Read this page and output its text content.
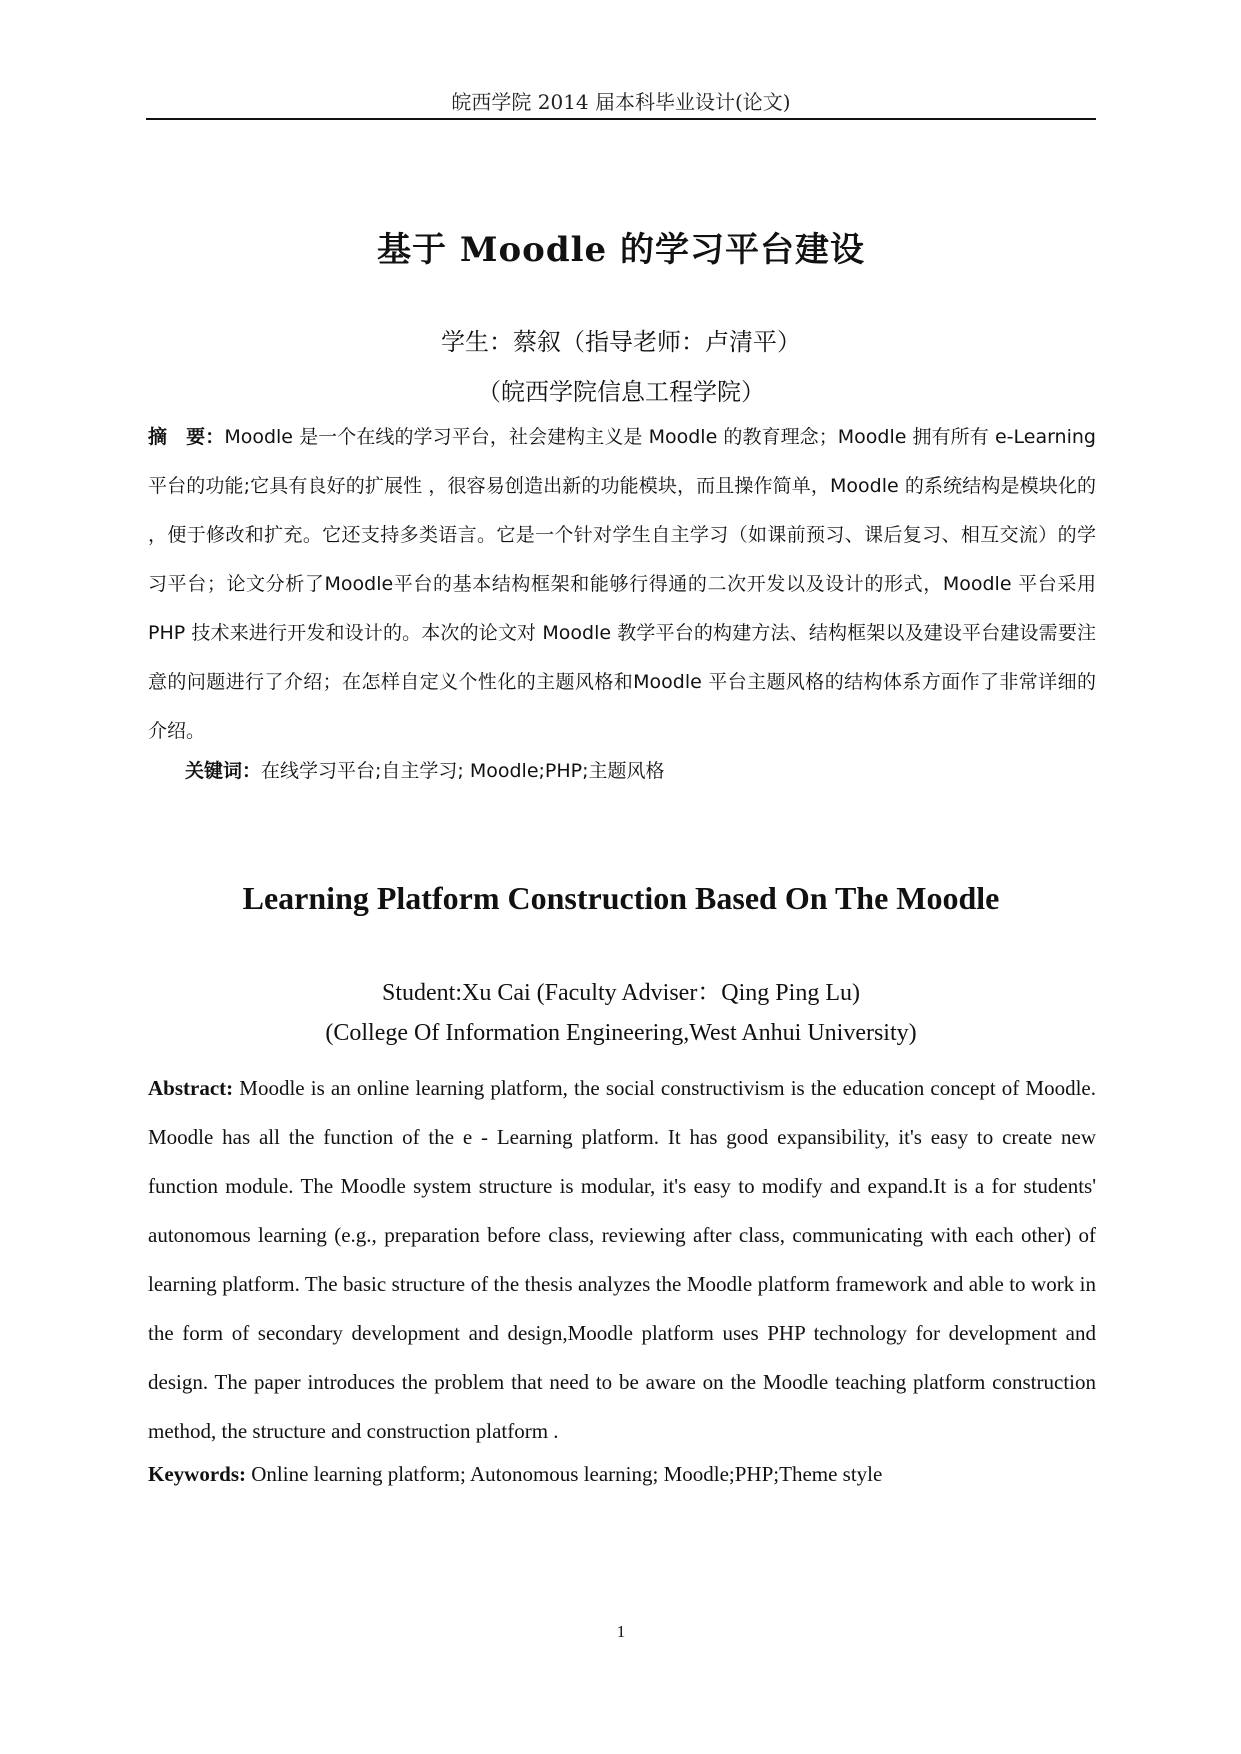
皖西学院 2014 届本科毕业设计(论文)
基于 Moodle 的学习平台建设
学生：蔡叙（指导老师：卢清平）
（皖西学院信息工程学院）

摘　要：Moodle 是一个在线的学习平台，社会建构主义是 Moodle 的教育理念；Moodle 拥有所有 e-Learning 平台的功能;它具有良好的扩展性 ，很容易创造出新的功能模块，而且操作简单，Moodle 的系统结构是模块化的 ，便于修改和扩充。它还支持多类语言。它是一个针对学生自主学习（如课前预习、课后复习、相互交流）的学习平台；论文分析了Moodle平台的基本结构框架和能够行得通的二次开发以及设计的形式，Moodle 平台采用 PHP 技术来进行开发和设计的。本次的论文对 Moodle 教学平台的构建方法、结构框架以及建设平台建设需要注意的问题进行了介绍；在怎样自定义个性化的主题风格和Moodle 平台主题风格的结构体系方面作了非常详细的介绍。

关键词：在线学习平台;自主学习; Moodle;PHP;主题风格

Learning Platform Construction Based On The Moodle
Student:Xu Cai (Faculty Adviser：Qing Ping Lu)
(College Of Information Engineering,West Anhui University)

Abstract: Moodle is an online learning platform, the social constructivism is the education concept of Moodle. Moodle has all the function of the e - Learning platform. It has good expansibility, it's easy to create new function module. The Moodle system structure is modular, it's easy to modify and expand.It is a for students' autonomous learning (e.g., preparation before class, reviewing after class, communicating with each other) of learning platform. The basic structure of the thesis analyzes the Moodle platform framework and able to work in the form of secondary development and design,Moodle platform uses PHP technology for development and design. The paper introduces the problem that need to be aware on the Moodle teaching platform construction method, the structure and construction platform .

Keywords: Online learning platform; Autonomous learning; Moodle;PHP;Theme style

1
